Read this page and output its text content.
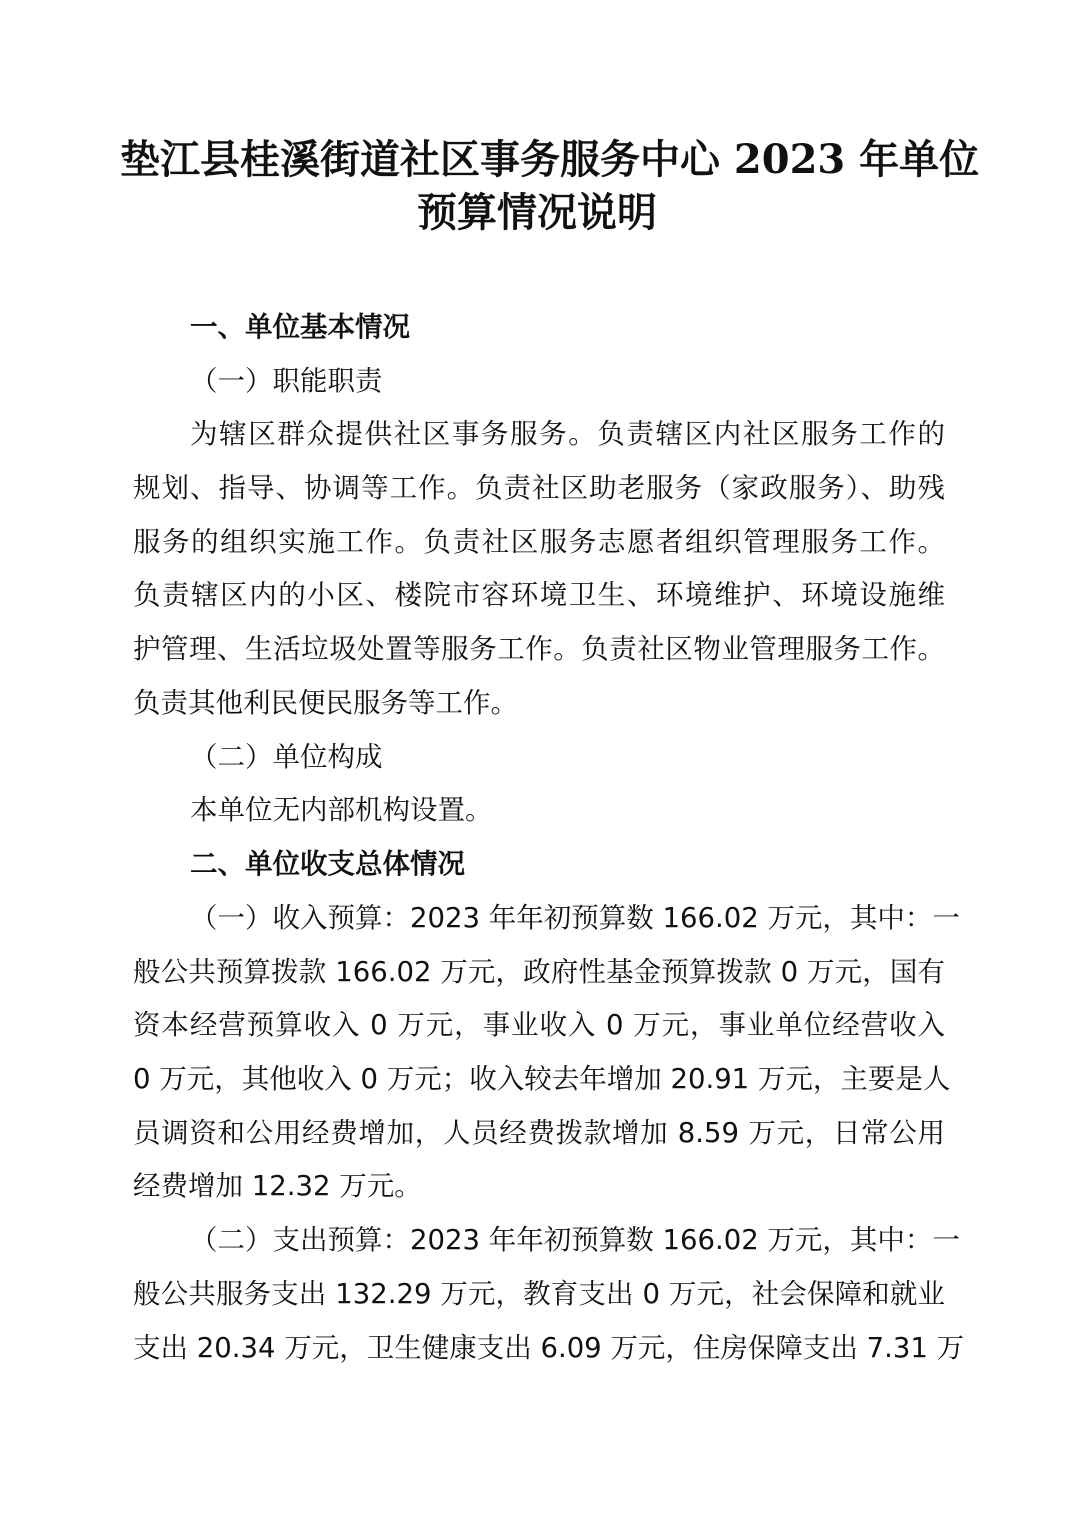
垫江县桂溪街道社区事务服务中心 2023 年单位
预算情况说明

一、单位基本情况

（一）职能职责

为辖区群众提供社区事务服务。负责辖区内社区服务工作的

规划、指导、协调等工作。负责社区助老服务（家政服务）、助残

服务的组织实施工作。负责社区服务志愿者组织管理服务工作。

负责辖区内的小区、楼院市容环境卫生、环境维护、环境设施维

护管理、生活垃圾处置等服务工作。负责社区物业管理服务工作。

负责其他利民便民服务等工作。

（二）单位构成

本单位无内部机构设置。

二、单位收支总体情况

（一）收入预算：2023 年年初预算数 166.02 万元，其中：一

般公共预算拨款 166.02 万元，政府性基金预算拨款 0 万元，国有

资本经营预算收入 0 万元，事业收入 0 万元，事业单位经营收入

0 万元，其他收入 0 万元；收入较去年增加 20.91 万元，主要是人

员调资和公用经费增加，人员经费拨款增加 8.59 万元，日常公用

经费增加 12.32 万元。

（二）支出预算：2023 年年初预算数 166.02 万元，其中：一

般公共服务支出 132.29 万元，教育支出 0 万元，社会保障和就业

支出 20.34 万元，卫生健康支出 6.09 万元，住房保障支出 7.31 万
